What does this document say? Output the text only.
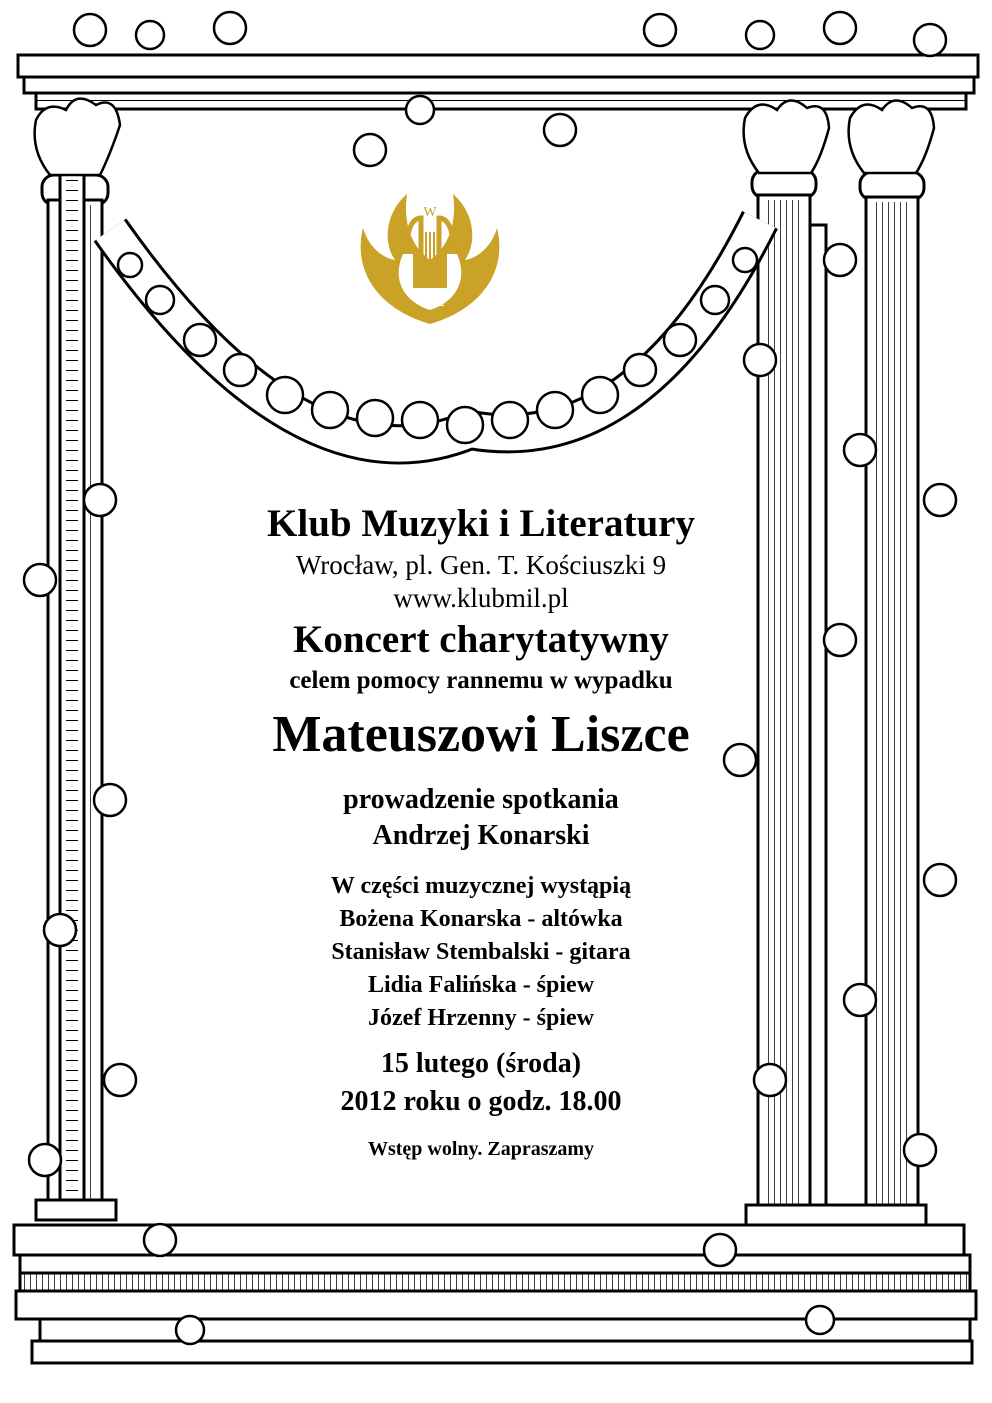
W
KMiL
Klub Muzyki i Literatury
Wrocław, pl. Gen. T. Kościuszki 9
www.klubmil.pl
Koncert charytatywny
celem pomocy rannemu w wypadku
Mateuszowi Liszce
prowadzenie spotkania
Andrzej Konarski
W części muzycznej wystąpią
Bożena Konarska - altówka
Stanisław Stembalski - gitara
Lidia Falińska - śpiew
Józef Hrzenny - śpiew
15 lutego (środa)
2012 roku o godz. 18.00
Wstęp wolny. Zapraszamy
